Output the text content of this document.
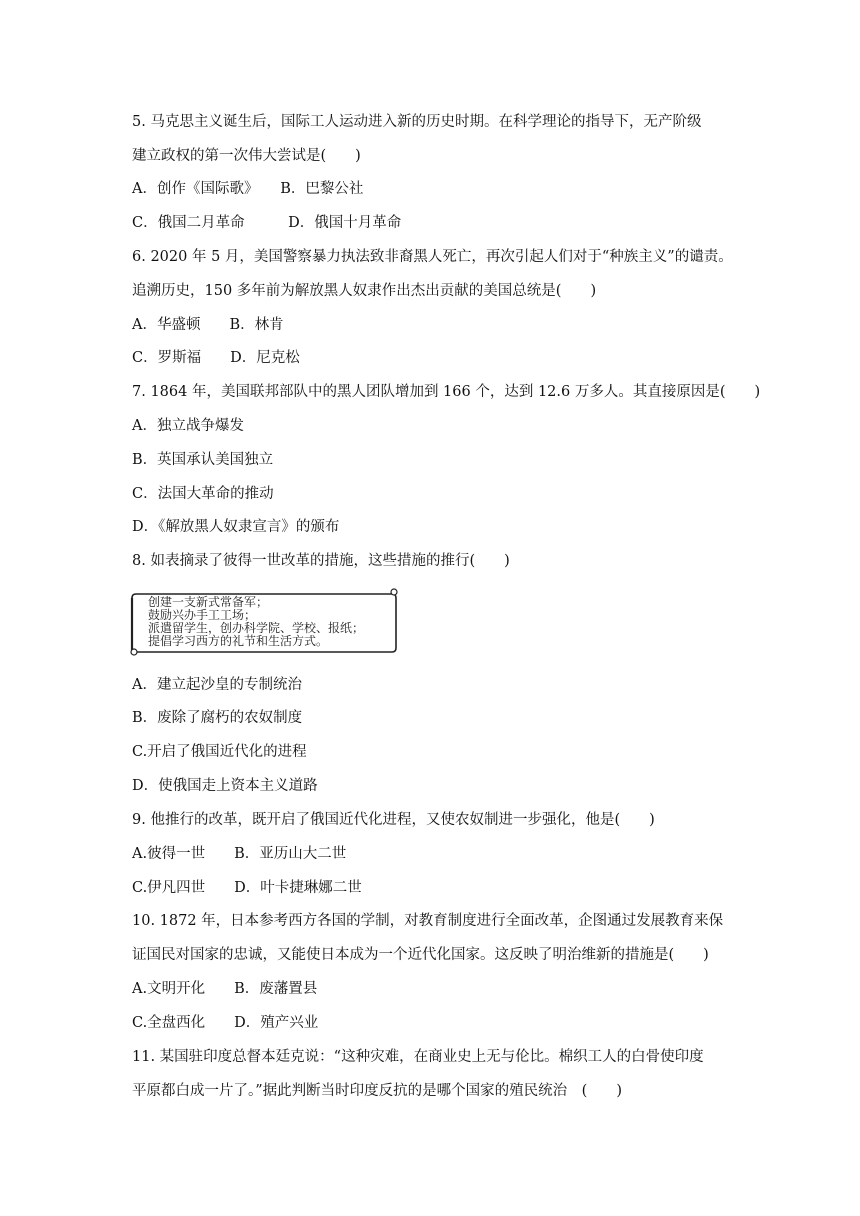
5. 马克思主义诞生后，国际工人运动进入新的历史时期。在科学理论的指导下，无产阶级
建立政权的第一次伟大尝试是(　　)
A．创作《国际歌》　　B．巴黎公社
C．俄国二月革命　　　D．俄国十月革命
6. 2020 年 5 月，美国警察暴力执法致非裔黑人死亡，再次引起人们对于“种族主义”的谴责。
追溯历史，150 多年前为解放黑人奴隶作出杰出贡献的美国总统是(　　)
A．华盛顿　　B．林肯
C．罗斯福　　D．尼克松
7. 1864 年，美国联邦部队中的黑人团队增加到 166 个，达到 12.6 万多人。其直接原因是(　　)
A．独立战争爆发
B．英国承认美国独立
C．法国大革命的推动
D．《解放黑人奴隶宣言》的颁布
8. 如表摘录了彼得一世改革的措施，这些措施的推行(　　)
创建一支新式常备军；
鼓励兴办手工工场；
派遣留学生，创办科学院、学校、报纸；
提倡学习西方的礼节和生活方式。
A．建立起沙皇的专制统治
B．废除了腐朽的农奴制度
C.开启了俄国近代化的进程
D．使俄国走上资本主义道路
9. 他推行的改革，既开启了俄国近代化进程，又使农奴制进一步强化，他是(　　)
A.彼得一世　　B．亚历山大二世
C.伊凡四世　　D．叶卡捷琳娜二世
10. 1872 年，日本参考西方各国的学制，对教育制度进行全面改革，企图通过发展教育来保
证国民对国家的忠诚，又能使日本成为一个近代化国家。这反映了明治维新的措施是(　　)
A.文明开化　　B．废藩置县
C.全盘西化　　D．殖产兴业
11. 某国驻印度总督本廷克说：“这种灾难，在商业史上无与伦比。棉织工人的白骨使印度
平原都白成一片了。”据此判断当时印度反抗的是哪个国家的殖民统治　(　　)
